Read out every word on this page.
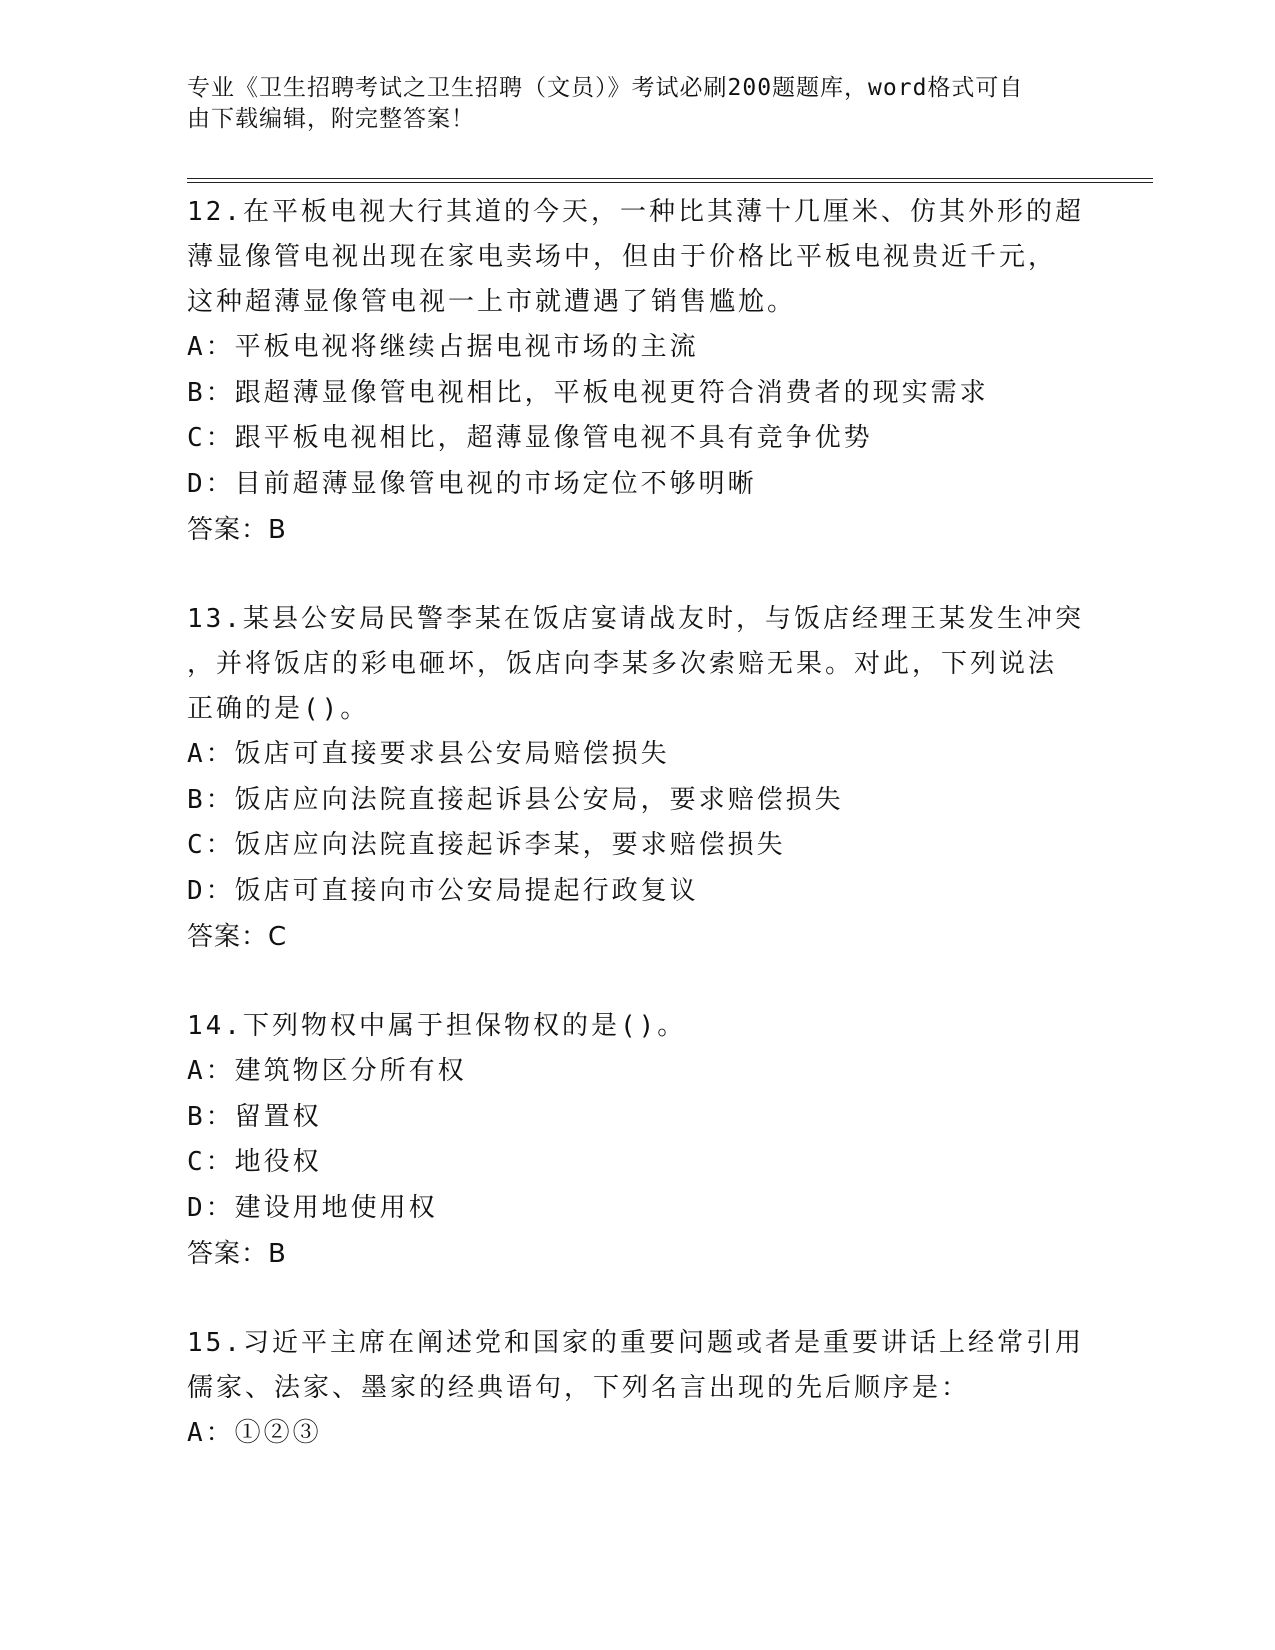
专业《卫生招聘考试之卫生招聘（文员）》考试必刷200题题库，word格式可自
由下载编辑，附完整答案！

12.在平板电视大行其道的今天，一种比其薄十几厘米、仿其外形的超

薄显像管电视出现在家电卖场中，但由于价格比平板电视贵近千元，

这种超薄显像管电视一上市就遭遇了销售尴尬。

A：平板电视将继续占据电视市场的主流

B：跟超薄显像管电视相比，平板电视更符合消费者的现实需求

C：跟平板电视相比，超薄显像管电视不具有竞争优势

D：目前超薄显像管电视的市场定位不够明晰

答案：B

13.某县公安局民警李某在饭店宴请战友时，与饭店经理王某发生冲突

，并将饭店的彩电砸坏，饭店向李某多次索赔无果。对此，下列说法

正确的是()。

A：饭店可直接要求县公安局赔偿损失

B：饭店应向法院直接起诉县公安局，要求赔偿损失

C：饭店应向法院直接起诉李某，要求赔偿损失

D：饭店可直接向市公安局提起行政复议

答案：C

14.下列物权中属于担保物权的是()。

A：建筑物区分所有权

B：留置权

C：地役权

D：建设用地使用权

答案：B

15.习近平主席在阐述党和国家的重要问题或者是重要讲话上经常引用

儒家、法家、墨家的经典语句，下列名言出现的先后顺序是：

A：①②③
